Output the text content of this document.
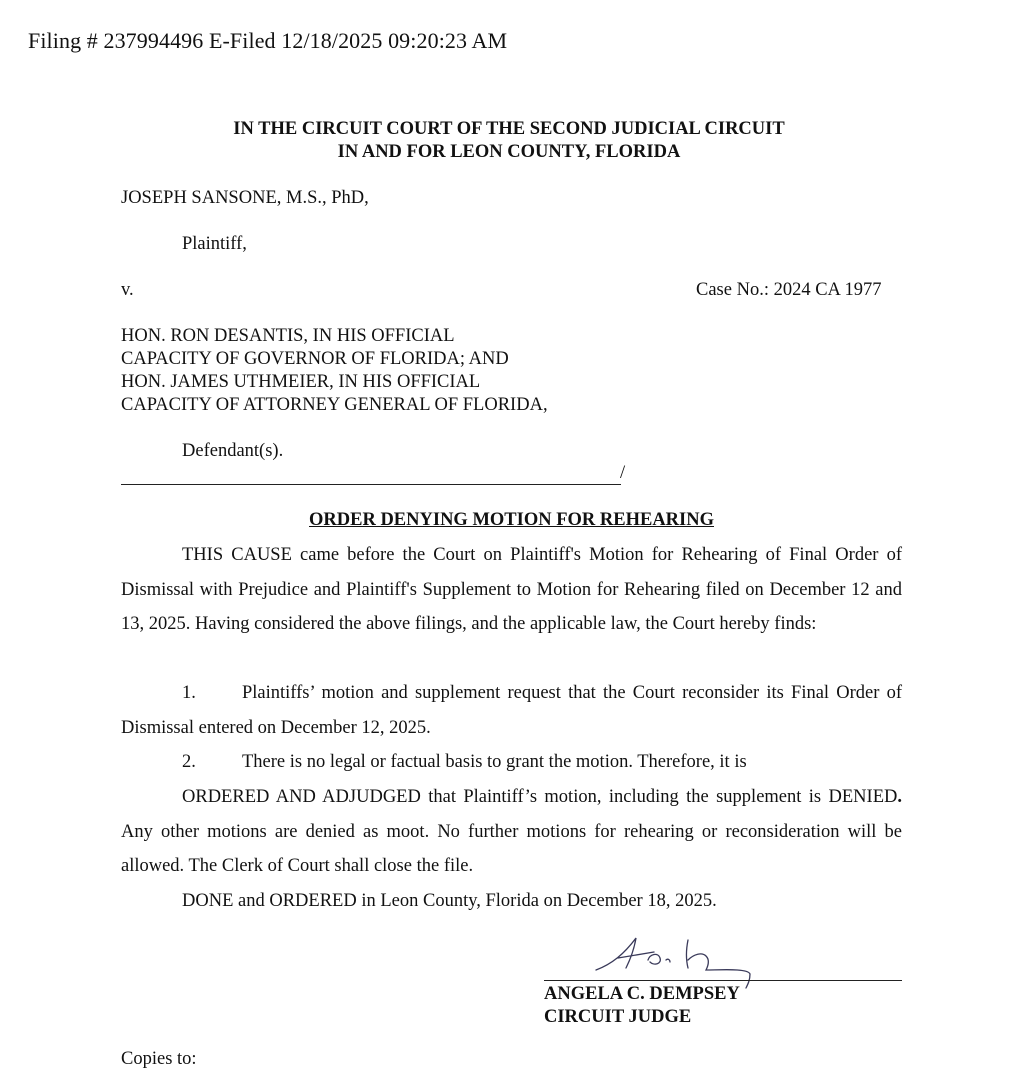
Filing # 237994496 E-Filed 12/18/2025 09:20:23 AM
IN THE CIRCUIT COURT OF THE SECOND JUDICIAL CIRCUIT
IN AND FOR LEON COUNTY, FLORIDA
JOSEPH SANSONE, M.S., PhD,
Plaintiff,
v.	Case No.: 2024 CA 1977
HON. RON DESANTIS, IN HIS OFFICIAL
CAPACITY OF GOVERNOR OF FLORIDA; AND
HON. JAMES UTHMEIER, IN HIS OFFICIAL
CAPACITY OF ATTORNEY GENERAL OF FLORIDA,
Defendant(s).
/
ORDER DENYING MOTION FOR REHEARING
THIS CAUSE came before the Court on Plaintiff's Motion for Rehearing of Final Order of Dismissal with Prejudice and Plaintiff's Supplement to Motion for Rehearing filed on December 12 and 13, 2025. Having considered the above filings, and the applicable law, the Court hereby finds:
1. Plaintiffs’ motion and supplement request that the Court reconsider its Final Order of Dismissal entered on December 12, 2025.
2. There is no legal or factual basis to grant the motion. Therefore, it is
ORDERED AND ADJUDGED that Plaintiff’s motion, including the supplement is DENIED. Any other motions are denied as moot. No further motions for rehearing or reconsideration will be allowed. The Clerk of Court shall close the file.
DONE and ORDERED in Leon County, Florida on December 18, 2025.
ANGELA C. DEMPSEY
CIRCUIT JUDGE
Copies to:
